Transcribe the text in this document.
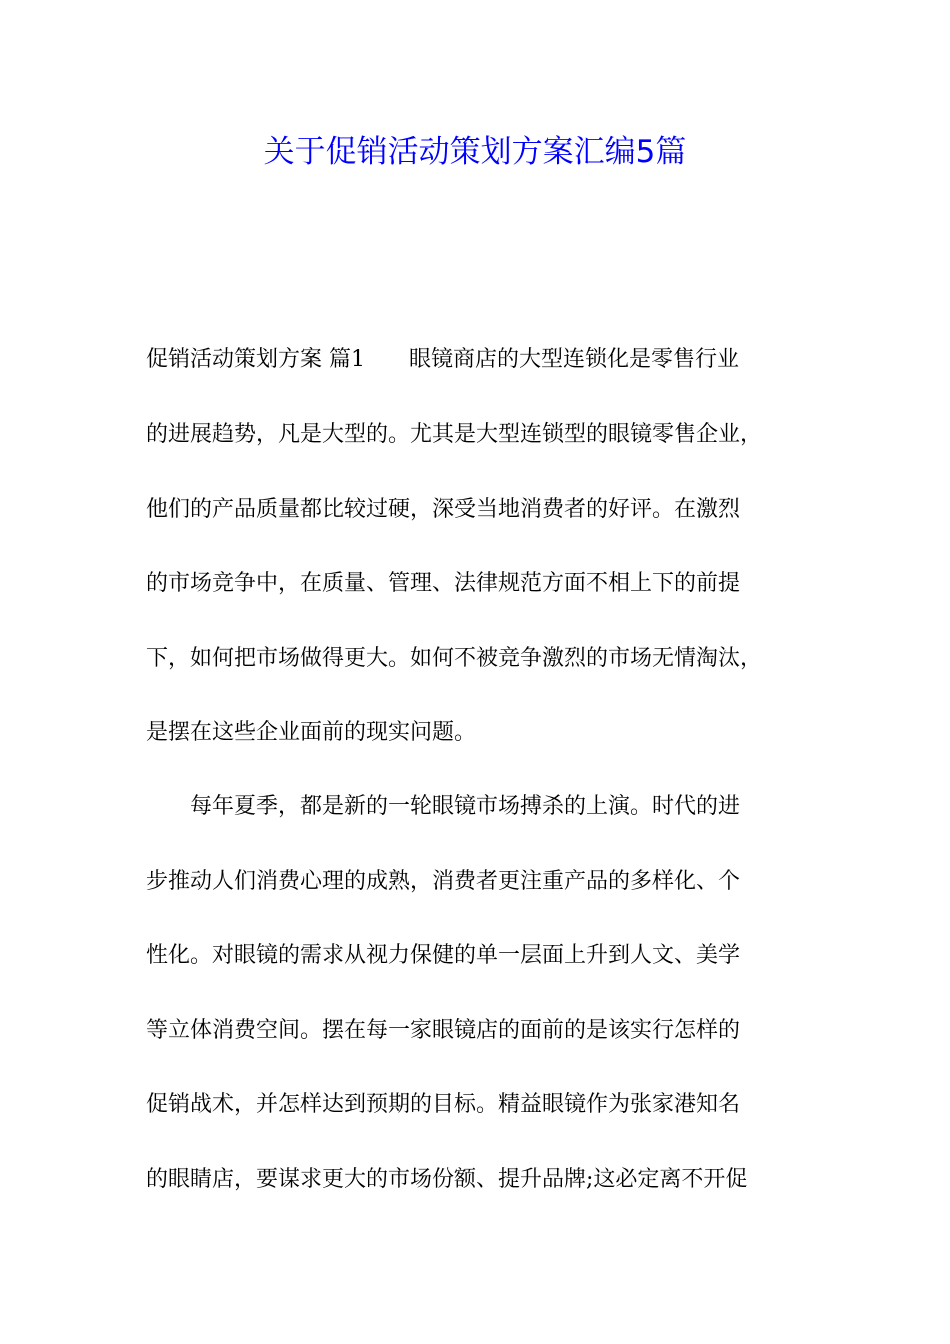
关于促销活动策划方案汇编5篇
促销活动策划方案 篇1　　眼镜商店的大型连锁化是零售行业
的进展趋势，凡是大型的。尤其是大型连锁型的眼镜零售企业，
他们的产品质量都比较过硬，深受当地消费者的好评。在激烈
的市场竞争中，在质量、管理、法律规范方面不相上下的前提
下，如何把市场做得更大。如何不被竞争激烈的市场无情淘汰，
是摆在这些企业面前的现实问题。
　　每年夏季，都是新的一轮眼镜市场搏杀的上演。时代的进
步推动人们消费心理的成熟，消费者更注重产品的多样化、个
性化。对眼镜的需求从视力保健的单一层面上升到人文、美学
等立体消费空间。摆在每一家眼镜店的面前的是该实行怎样的
促销战术，并怎样达到预期的目标。精益眼镜作为张家港知名
的眼睛店，要谋求更大的市场份额、提升品牌;这必定离不开促
